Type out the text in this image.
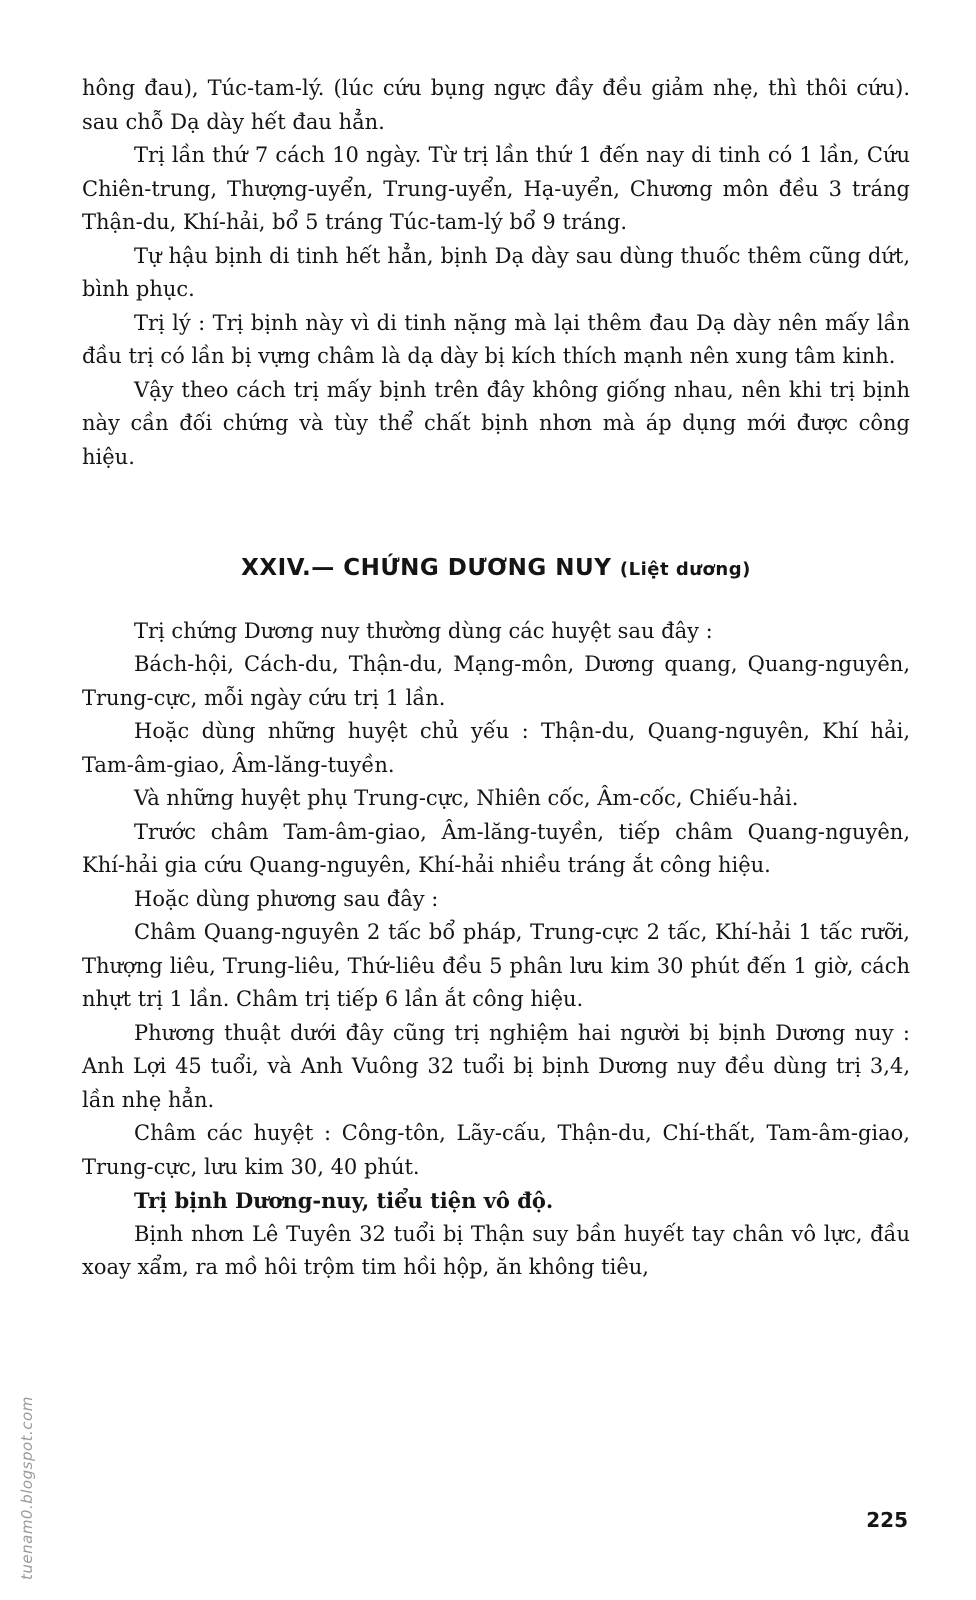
hông đau), Túc-tam-lý. (lúc cứu bụng ngực đầy đều giảm nhẹ, thì thôi cứu). sau chỗ Dạ dày hết đau hẳn.

Trị lần thứ 7 cách 10 ngày. Từ trị lần thứ 1 đến nay di tinh có 1 lần, Cứu Chiên-trung, Thượng-uyển, Trung-uyển, Hạ-uyển, Chương môn đều 3 tráng Thận-du, Khí-hải, bổ 5 tráng Túc-tam-lý bổ 9 tráng.

Tự hậu bịnh di tinh hết hẳn, bịnh Dạ dày sau dùng thuốc thêm cũng dứt, bình phục.

Trị lý : Trị bịnh này vì di tinh nặng mà lại thêm đau Dạ dày nên mấy lần đầu trị có lần bị vựng châm là dạ dày bị kích thích mạnh nên xung tâm kinh.

Vậy theo cách trị mấy bịnh trên đây không giống nhau, nên khi trị bịnh này cần đối chứng và tùy thể chất bịnh nhơn mà áp dụng mới được công hiệu.

XXIV.— CHỨNG DƯƠNG NUY (Liệt dương)

Trị chứng Dương nuy thường dùng các huyệt sau đây :

Bách-hội, Cách-du, Thận-du, Mạng-môn, Dương quang, Quang-nguyên, Trung-cực, mỗi ngày cứu trị 1 lần.

Hoặc dùng những huyệt chủ yếu : Thận-du, Quang-nguyên, Khí hải, Tam-âm-giao, Âm-lăng-tuyền.

Và những huyệt phụ Trung-cực, Nhiên cốc, Âm-cốc, Chiếu-hải.

Trước châm Tam-âm-giao, Âm-lăng-tuyền, tiếp châm Quang-nguyên, Khí-hải gia cứu Quang-nguyên, Khí-hải nhiều tráng ắt công hiệu.

Hoặc dùng phương sau đây :

Châm Quang-nguyên 2 tấc bổ pháp, Trung-cực 2 tấc, Khí-hải 1 tấc rưỡi, Thượng liêu, Trung-liêu, Thứ-liêu đều 5 phân lưu kim 30 phút đến 1 giờ, cách nhựt trị 1 lần. Châm trị tiếp 6 lần ắt công hiệu.

Phương thuật dưới đây cũng trị nghiệm hai người bị bịnh Dương nuy : Anh Lợi 45 tuổi, và Anh Vuông 32 tuổi bị bịnh Dương nuy đều dùng trị 3,4, lần nhẹ hẳn.

Châm các huyệt : Công-tôn, Lãy-cấu, Thận-du, Chí-thất, Tam-âm-giao, Trung-cực, lưu kim 30, 40 phút.

Trị bịnh Dương-nuy, tiểu tiện vô độ.

Bịnh nhơn Lê Tuyên 32 tuổi bị Thận suy bần huyết tay chân vô lực, đầu xoay xẩm, ra mồ hôi trộm tim hồi hộp, ăn không tiêu,

225
tuenam0.blogspot.com
